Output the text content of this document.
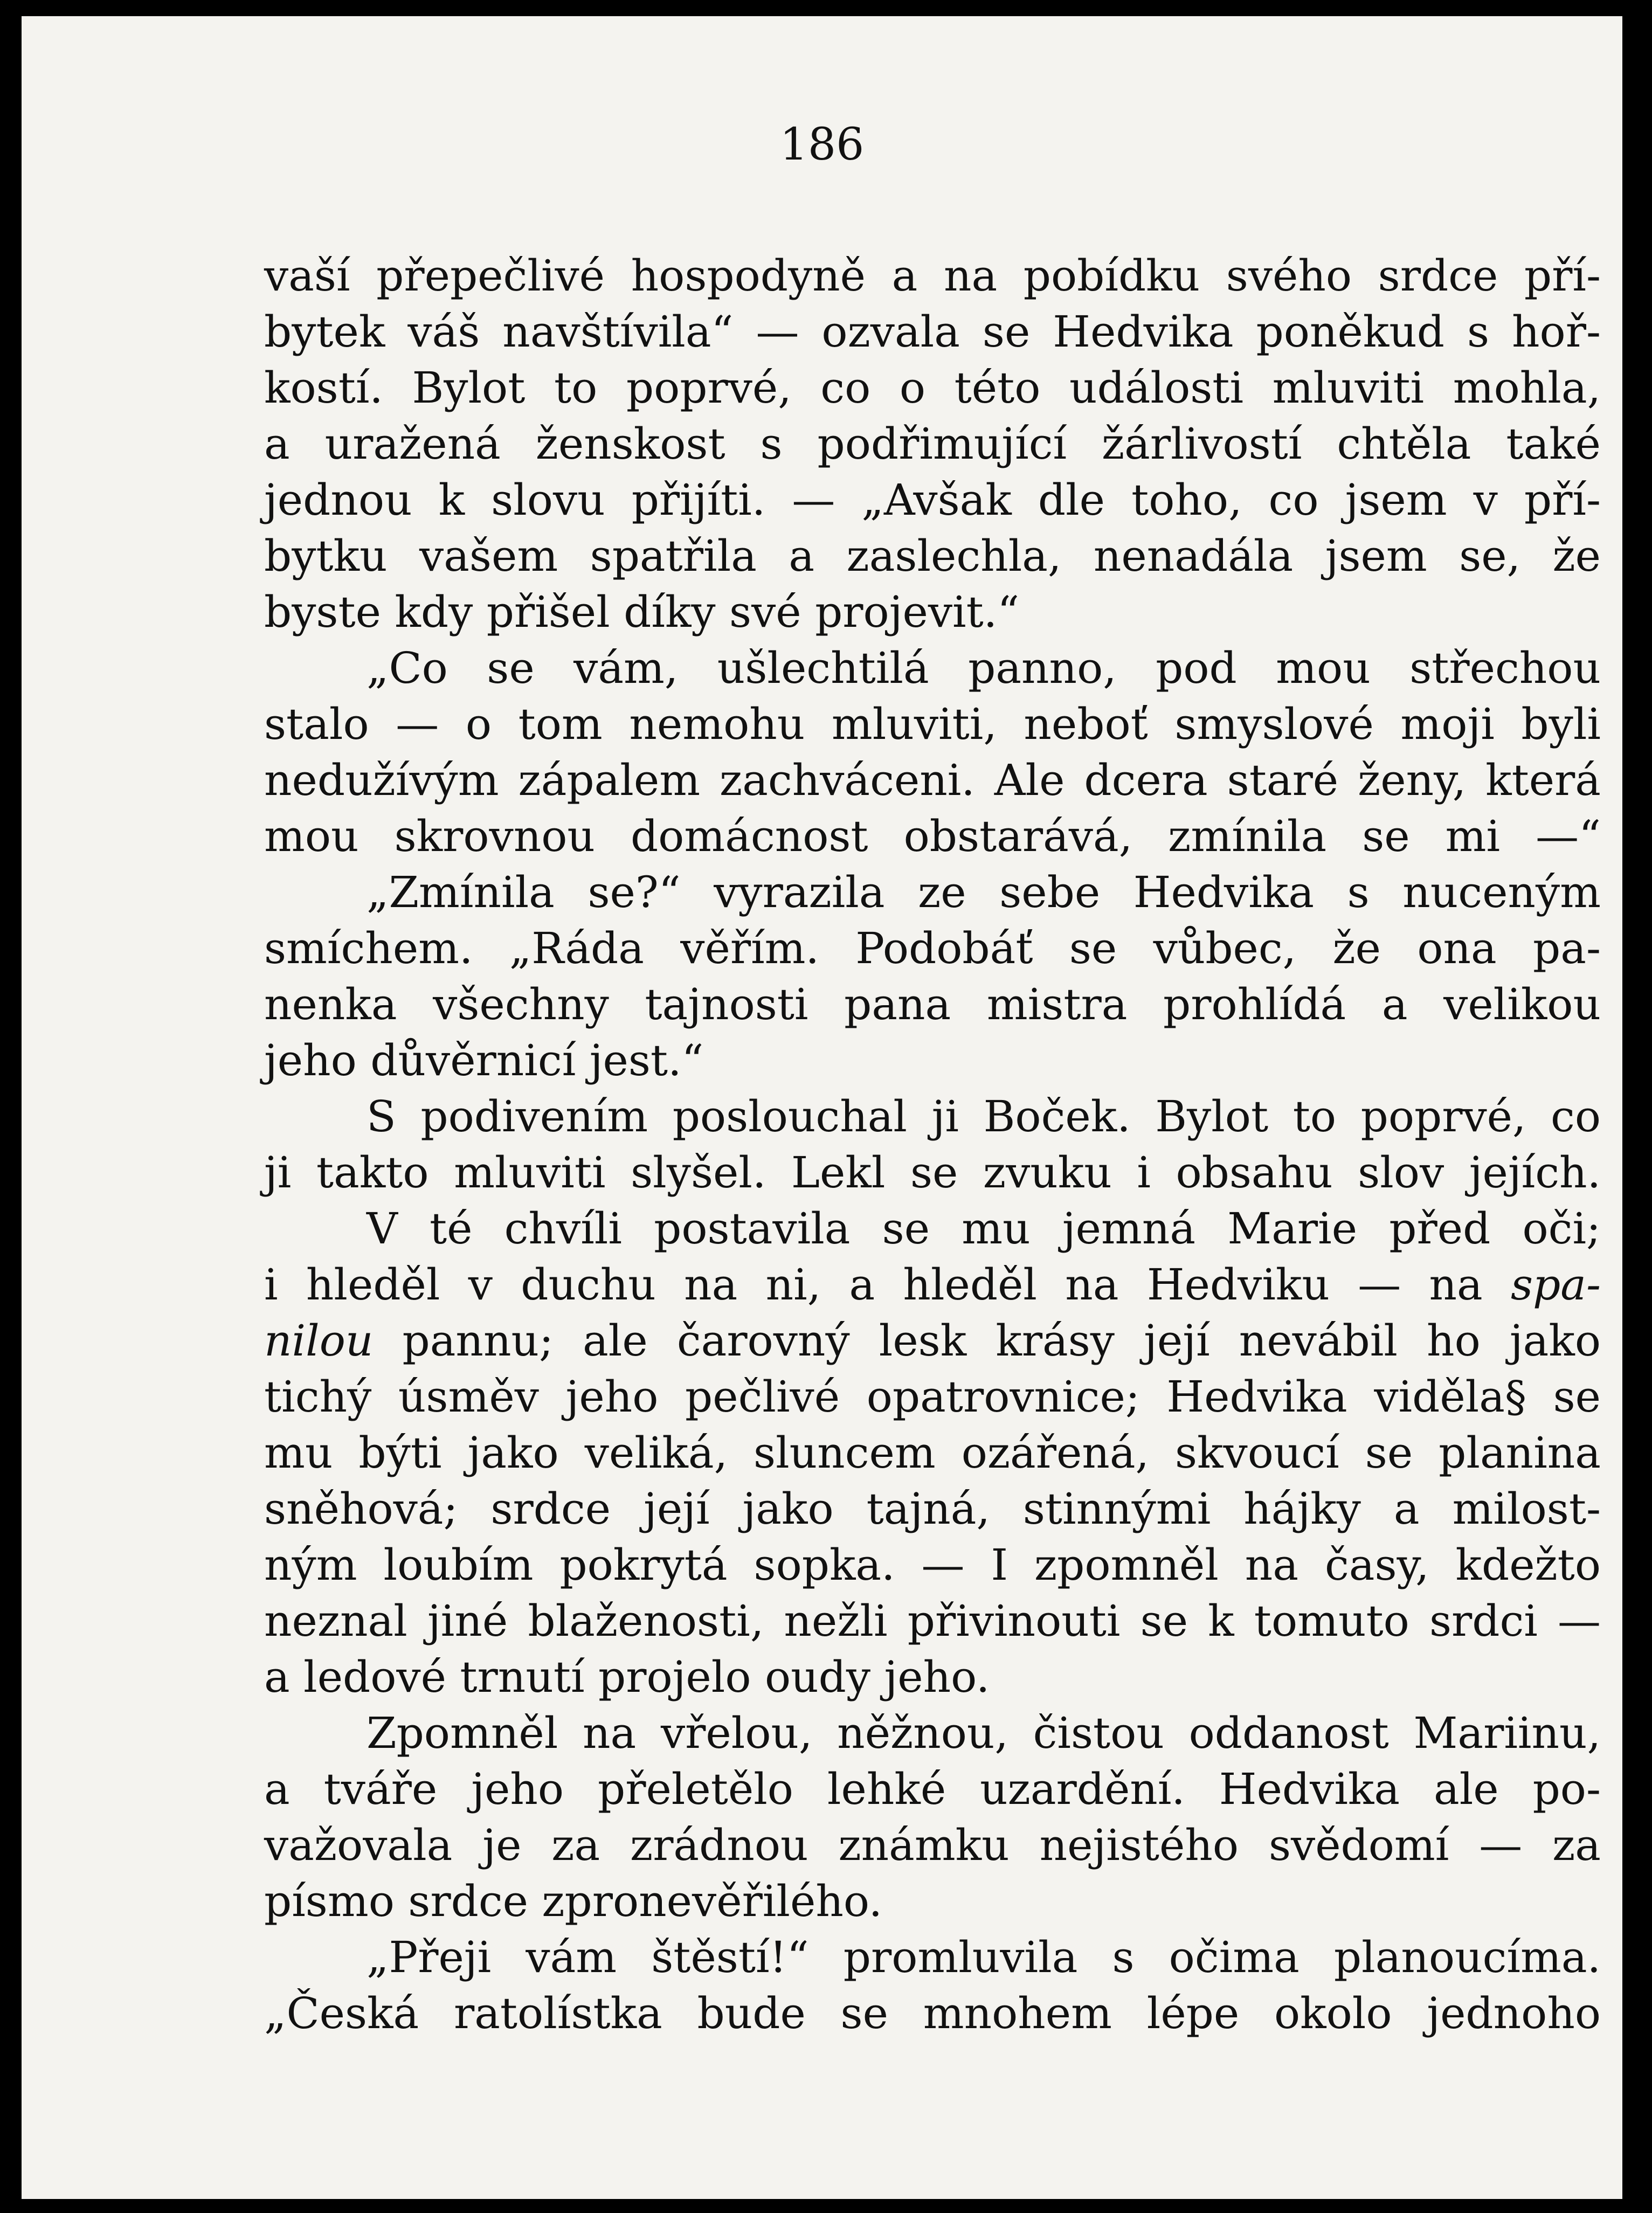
186
vaší přepečlivé hospodyně a na pobídku svého srdce pří-
bytek váš navštívila“ — ozvala se Hedvika poněkud s hoř-
kostí. Bylot to poprvé, co o této události mluviti mohla,
a uražená ženskost s podřimující žárlivostí chtěla také
jednou k slovu přijíti. — „Avšak dle toho, co jsem v pří-
bytku vašem spatřila a zaslechla, nenadála jsem se, že
byste kdy přišel díky své projevit.“
„Co se vám, ušlechtilá panno, pod mou střechou
stalo — o tom nemohu mluviti, neboť smyslové moji byli
nedužívým zápalem zachváceni. Ale dcera staré ženy, která
mou skrovnou domácnost obstarává, zmínila se mi —“
„Zmínila se?“ vyrazila ze sebe Hedvika s nuceným
smíchem. „Ráda věřím. Podobáť se vůbec, že ona pa-
nenka všechny tajnosti pana mistra prohlídá a velikou
jeho důvěrnicí jest.“
S podivením poslouchal ji Boček. Bylot to poprvé, co
ji takto mluviti slyšel. Lekl se zvuku i obsahu slov jejích.
V té chvíli postavila se mu jemná Marie před oči;
i hleděl v duchu na ni, a hleděl na Hedviku — na spa-
nilou pannu; ale čarovný lesk krásy její nevábil ho jako
tichý úsměv jeho pečlivé opatrovnice; Hedvika viděla§ se
mu býti jako veliká, sluncem ozářená, skvoucí se planina
sněhová; srdce její jako tajná, stinnými hájky a milost-
ným loubím pokrytá sopka. — I zpomněl na časy, kdežto
neznal jiné blaženosti, nežli přivinouti se k tomuto srdci —
a ledové trnutí projelo oudy jeho.
Zpomněl na vřelou, něžnou, čistou oddanost Mariinu,
a tváře jeho přeletělo lehké uzardění. Hedvika ale po-
važovala je za zrádnou známku nejistého svědomí — za
písmo srdce zpronevěřilého.
„Přeji vám štěstí!“ promluvila s očima planoucíma.
„Česká ratolístka bude se mnohem lépe okolo jednoho
